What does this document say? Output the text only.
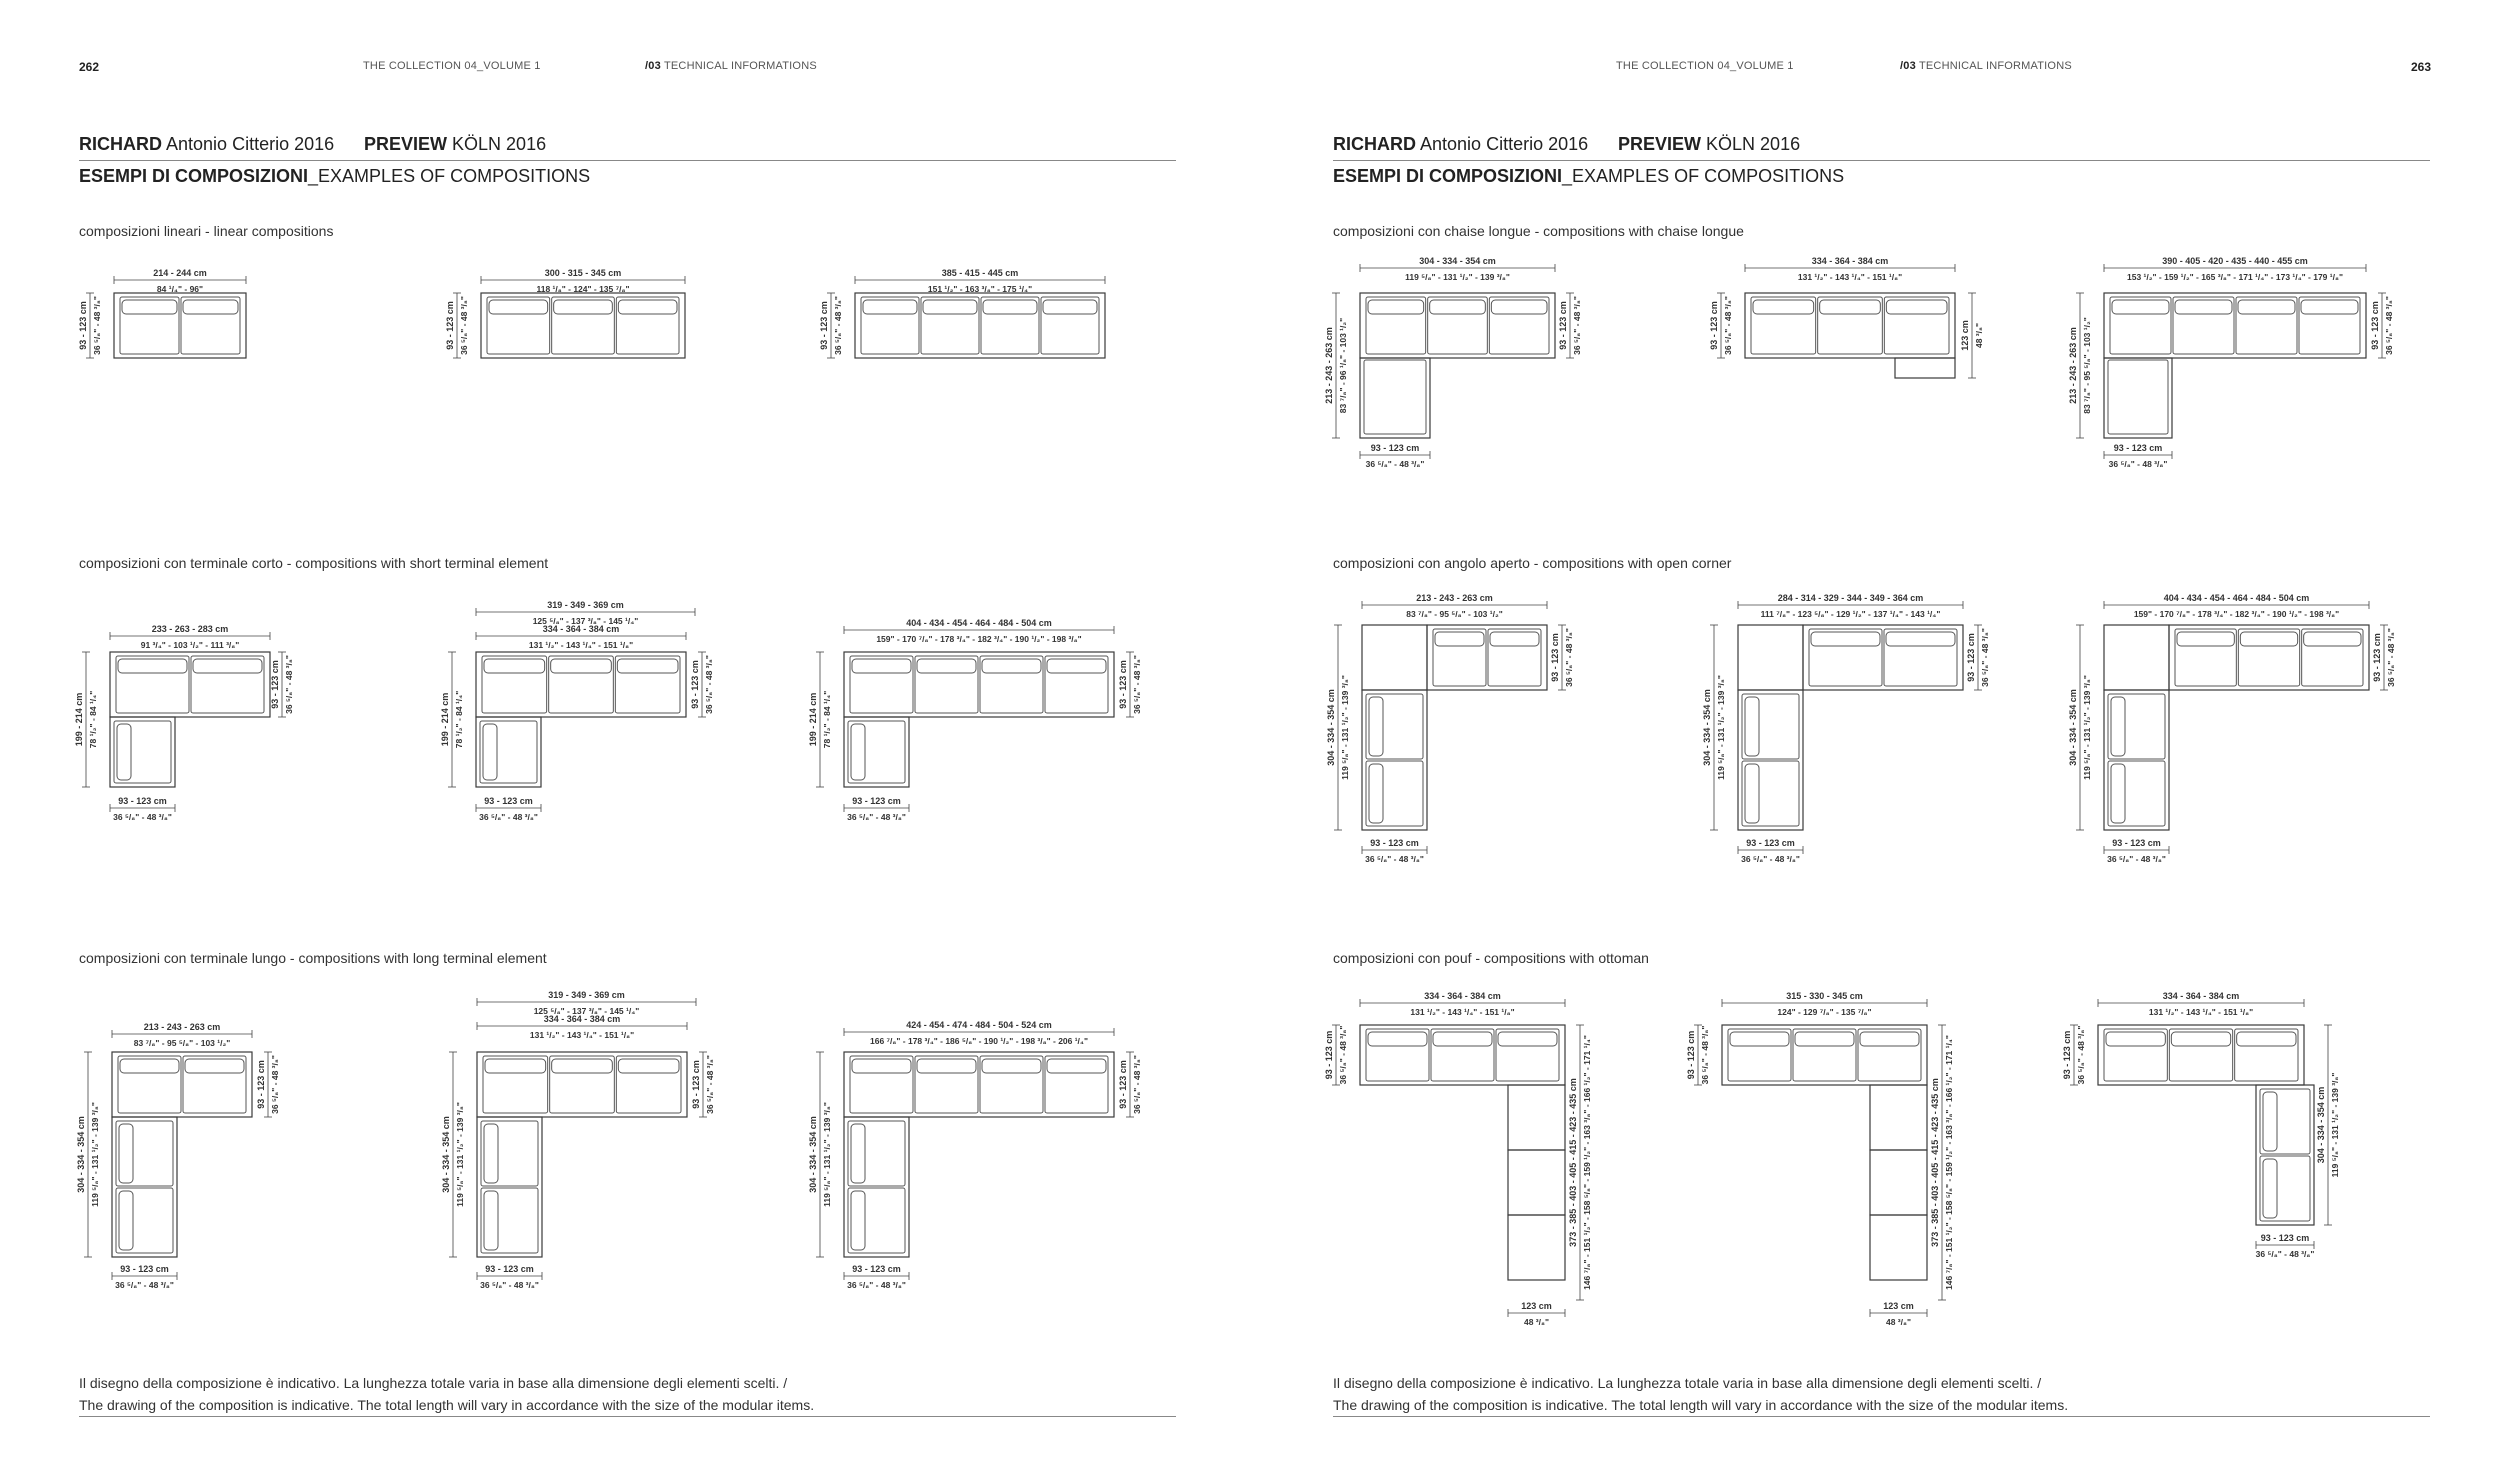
262	THE COLLECTION 04_VOLUME 1	/03 TECHNICAL INFORMATIONS
RICHARD Antonio Citterio 2016 PREVIEW KÖLN 2016
ESEMPI DI COMPOSIZIONI_EXAMPLES OF COMPOSITIONS
composizioni lineari - linear compositions
composizioni con terminale corto - compositions with short terminal element
composizioni con terminale lungo - compositions with long terminal element
Il disegno della composizione è indicativo. La lunghezza totale varia in base alla dimensione degli elementi scelti. /
The drawing of the composition is indicative. The total length will vary in accordance with the size of the modular items.
263
THE COLLECTION 04_VOLUME 1	/03 TECHNICAL INFORMATIONS
RICHARD Antonio Citterio 2016 PREVIEW KÖLN 2016
ESEMPI DI COMPOSIZIONI_EXAMPLES OF COMPOSITIONS
composizioni con chaise longue - compositions with chaise longue
composizioni con angolo aperto - compositions with open corner
composizioni con pouf - compositions with ottoman
Il disegno della composizione è indicativo. La lunghezza totale varia in base alla dimensione degli elementi scelti. /
The drawing of the composition is indicative. The total length will vary in accordance with the size of the modular items.
214 - 244 cm
84 ¹/₄" - 96"
93 - 123 cm 36 ⁵/₈" - 48 ³/₈"
300 - 315 - 345 cm
118 ¹/₈" - 124" - 135 ⁷/₈"
93 - 123 cm 36 ⁵/₈" - 48 ³/₈"
385 - 415 - 445 cm
151 ¹/₂" - 163 ³/₈" - 175 ¹/₄"
93 - 123 cm 36 ⁵/₈" - 48 ³/₈"
233 - 263 - 283 cm
91 ³/₄" - 103 ¹/₂" - 111 ³/₈"
199 - 214 cm 78 ¹/₂" - 84 ¹/₄"
93 - 123 cm 36 ⁵/₈" - 48 ³/₈"
93 - 123 cm
36 ⁵/₈" - 48 ³/₈"
319 - 349 - 369 cm
125 ⁵/₈" - 137 ³/₈" - 145 ¹/₄"
334 - 364 - 384 cm
131 ¹/₂" - 143 ¹/₄" - 151 ¹/₈"
199 - 214 cm 78 ¹/₂" - 84 ¹/₄"
93 - 123 cm 36 ⁵/₈" - 48 ³/₈"
93 - 123 cm
36 ⁵/₈" - 48 ³/₈"
404 - 434 - 454 - 464 - 484 - 504 cm
159" - 170 ⁷/₈" - 178 ³/₄" - 182 ³/₄" - 190 ¹/₂" - 198 ³/₈"
199 - 214 cm 78 ¹/₂" - 84 ¹/₄"
93 - 123 cm 36 ⁵/₈" - 48 ³/₈"
93 - 123 cm
36 ⁵/₈" - 48 ³/₈"
213 - 243 - 263 cm
83 ⁷/₈" - 95 ⁵/₈" - 103 ¹/₂"
304 - 334 - 354 cm 119 ⁵/₈" - 131 ¹/₂" - 139 ³/₈"
93 - 123 cm 36 ⁵/₈" - 48 ³/₈"
93 - 123 cm
36 ⁵/₈" - 48 ³/₈"
319 - 349 - 369 cm
125 ⁵/₈" - 137 ³/₈" - 145 ¹/₄"
334 - 364 - 384 cm
131 ¹/₂" - 143 ¹/₄" - 151 ¹/₈"
304 - 334 - 354 cm 119 ⁵/₈" - 131 ¹/₂" - 139 ³/₈"
93 - 123 cm 36 ⁵/₈" - 48 ³/₈"
93 - 123 cm
36 ⁵/₈" - 48 ³/₈"
424 - 454 - 474 - 484 - 504 - 524 cm
166 ⁷/₈" - 178 ³/₄" - 186 ⁵/₈" - 190 ¹/₂" - 198 ³/₈" - 206 ¹/₄"
304 - 334 - 354 cm 119 ⁵/₈" - 131 ¹/₂" - 139 ³/₈"
93 - 123 cm 36 ⁵/₈" - 48 ³/₈"
93 - 123 cm
36 ⁵/₈" - 48 ³/₈"
304 - 334 - 354 cm
119 ⁵/₈" - 131 ¹/₂" - 139 ³/₈"
213 - 243 - 263 cm 83 ⁷/₈" - 96 ¹/₈" - 103 ¹/₂"	93 - 123 cm 36 ⁵/₈" - 48 ³/₈"
93 - 123 cm
36 ⁵/₈" - 48 ³/₈"
334 - 364 - 384 cm
131 ¹/₂" - 143 ¹/₄" - 151 ¹/₈"
93 - 123 cm 36 ⁵/₈" - 48 ³/₈"	123 cm 48 ³/₈"
390 - 405 - 420 - 435 - 440 - 455 cm
153 ¹/₂" - 159 ¹/₂" - 165 ³/₈" - 171 ¹/₄" - 173 ¹/₄" - 179 ¹/₈"
213 - 243 - 263 cm 83 ⁷/₈" - 95 ⁵/₈" - 103 ¹/₂"	93 - 123 cm 36 ⁵/₈" - 48 ³/₈"
93 - 123 cm
36 ⁵/₈" - 48 ³/₈"
213 - 243 - 263 cm
83 ⁷/₈" - 95 ⁵/₈" - 103 ¹/₂"
304 - 334 - 354 cm 119 ⁵/₈" - 131 ¹/₂" - 139 ³/₈"
93 - 123 cm 36 ⁵/₈" - 48 ³/₈"
93 - 123 cm
36 ⁵/₈" - 48 ³/₈"
284 - 314 - 329 - 344 - 349 - 364 cm
111 ⁷/₈" - 123 ⁵/₈" - 129 ¹/₂" - 137 ¹/₄" - 143 ¹/₄"
304 - 334 - 354 cm 119 ⁵/₈" - 131 ¹/₂" - 139 ³/₈"
93 - 123 cm 36 ⁵/₈" - 48 ³/₈"
93 - 123 cm
36 ⁵/₈" - 48 ³/₈"
404 - 434 - 454 - 464 - 484 - 504 cm
159" - 170 ⁷/₈" - 178 ³/₄" - 182 ³/₄" - 190 ¹/₂" - 198 ³/₈"
304 - 334 - 354 cm 119 ⁵/₈" - 131 ¹/₂" - 139 ³/₈"
93 - 123 cm 36 ⁵/₈" - 48 ³/₈"
93 - 123 cm
36 ⁵/₈" - 48 ³/₈"
334 - 364 - 384 cm
131 ¹/₂" - 143 ¹/₄" - 151 ¹/₈"
93 - 123 cm 36 ⁵/₈" - 48 ³/₈"
373 - 385 - 403 - 405 - 415 - 423 - 435 cm 146 ⁷/₈" - 151 ¹/₂" - 158 ⁵/₈" - 159 ¹/₂" - 163 ³/₈" - 166 ¹/₂" - 171 ¹/₄"
123 cm
48 ³/₈"
315 - 330 - 345 cm
124" - 129 ⁷/₈" - 135 ⁷/₈"
93 - 123 cm 36 ⁵/₈" - 48 ³/₈"
373 - 385 - 403 - 405 - 415 - 423 - 435 cm 146 ⁷/₈" - 151 ¹/₂" - 158 ⁵/₈" - 159 ¹/₂" - 163 ³/₈" - 166 ¹/₂" - 171 ¹/₄"
123 cm
48 ³/₈"
334 - 364 - 384 cm
131 ¹/₂" - 143 ¹/₄" - 151 ¹/₈"
93 - 123 cm 36 ⁵/₈" - 48 ³/₈"
304 - 334 - 354 cm 119 ⁵/₈" - 131 ¹/₂" - 139 ³/₈"
93 - 123 cm
36 ⁵/₈" - 48 ³/₈"
